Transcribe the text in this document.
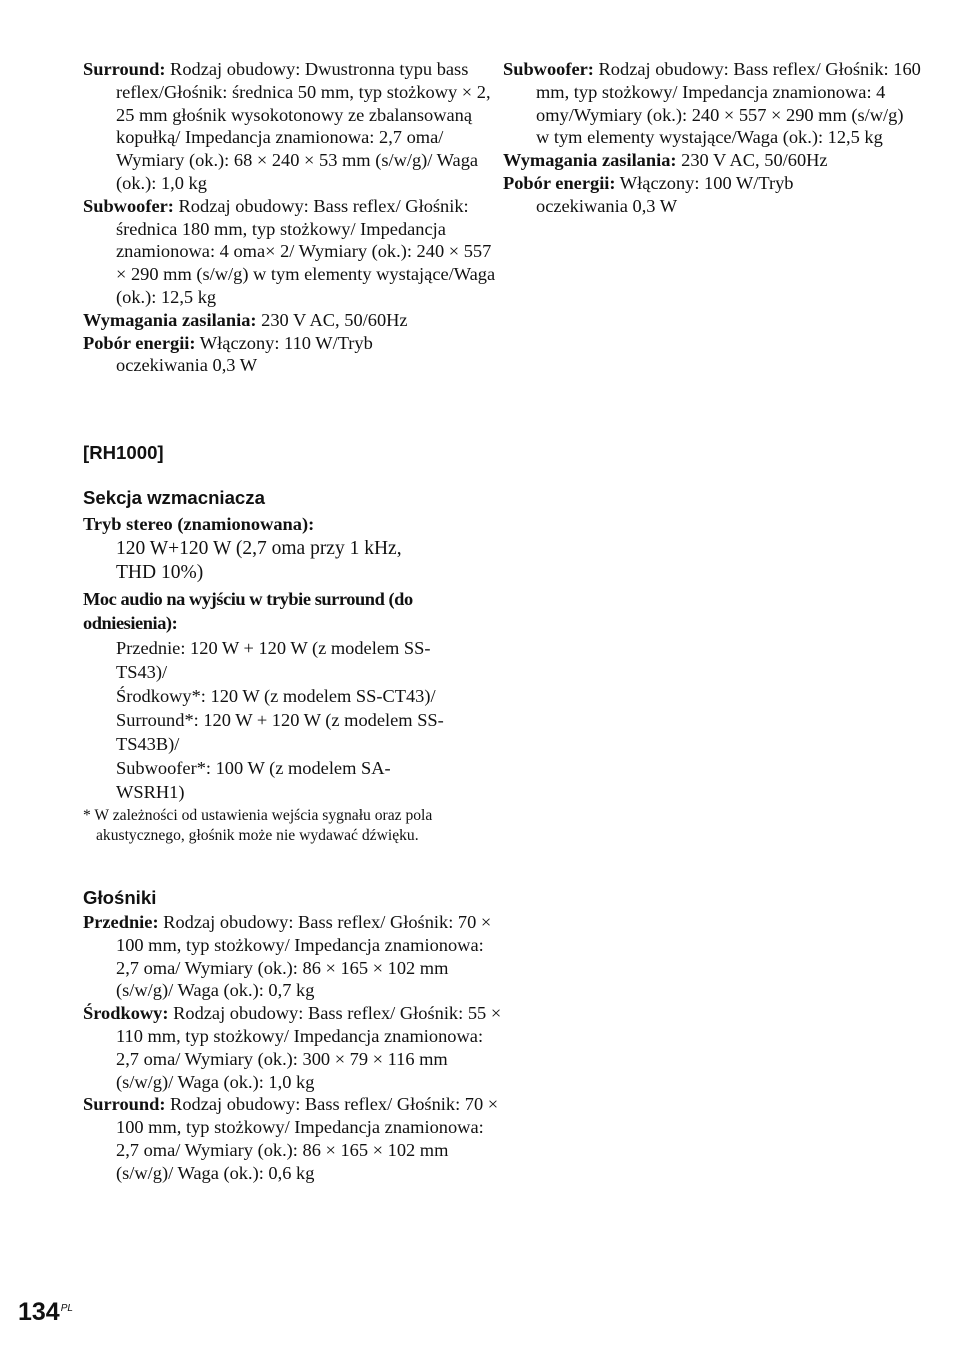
Surround: Rodzaj obudowy: Dwustronna typu bass reflex/Głośnik: średnica 50 mm, typ stożkowy × 2, 25 mm głośnik wysokotonowy ze zbalansowaną kopułką/ Impedancja znamionowa: 2,7 oma/ Wymiary (ok.): 68 × 240 × 53 mm (s/w/g)/ Waga (ok.): 1,0 kg

Subwoofer: Rodzaj obudowy: Bass reflex/ Głośnik: średnica 180 mm, typ stożkowy/ Impedancja znamionowa: 4 oma× 2/ Wymiary (ok.): 240 × 557 × 290 mm (s/w/g) w tym elementy wystające/Waga (ok.): 12,5 kg

Wymagania zasilania: 230 V AC, 50/60Hz

Pobór energii: Włączony: 110 W/Tryb oczekiwania 0,3 W

[RH1000]
Sekcja wzmacniacza

Tryb stereo (znamionowana):

120 W+120 W (2,7 oma przy 1 kHz, THD 10%)

Moc audio na wyjściu w trybie surround (do odniesienia):

Przednie: 120 W + 120 W (z modelem SS-TS43)/

Środkowy*: 120 W (z modelem SS-CT43)/

Surround*: 120 W + 120 W (z modelem SS-TS43B)/

Subwoofer*: 100 W (z modelem SA-WSRH1)

* W zależności od ustawienia wejścia sygnału oraz pola akustycznego, głośnik może nie wydawać dźwięku.

Głośniki

Przednie: Rodzaj obudowy: Bass reflex/ Głośnik: 70 × 100 mm, typ stożkowy/ Impedancja znamionowa: 2,7 oma/ Wymiary (ok.): 86 × 165 × 102 mm (s/w/g)/ Waga (ok.): 0,7 kg

Środkowy: Rodzaj obudowy: Bass reflex/ Głośnik: 55 × 110 mm, typ stożkowy/ Impedancja znamionowa: 2,7 oma/ Wymiary (ok.): 300 × 79 × 116 mm (s/w/g)/ Waga (ok.): 1,0 kg

Surround: Rodzaj obudowy: Bass reflex/ Głośnik: 70 × 100 mm, typ stożkowy/ Impedancja znamionowa: 2,7 oma/ Wymiary (ok.): 86 × 165 × 102 mm (s/w/g)/ Waga (ok.): 0,6 kg

Subwoofer: Rodzaj obudowy: Bass reflex/ Głośnik: 160 mm, typ stożkowy/ Impedancja znamionowa: 4 omy/Wymiary (ok.): 240 × 557 × 290 mm (s/w/g) w tym elementy wystające/Waga (ok.): 12,5 kg

Wymagania zasilania: 230 V AC, 50/60Hz

Pobór energii: Włączony: 100 W/Tryb oczekiwania 0,3 W

$134^{PL}$
